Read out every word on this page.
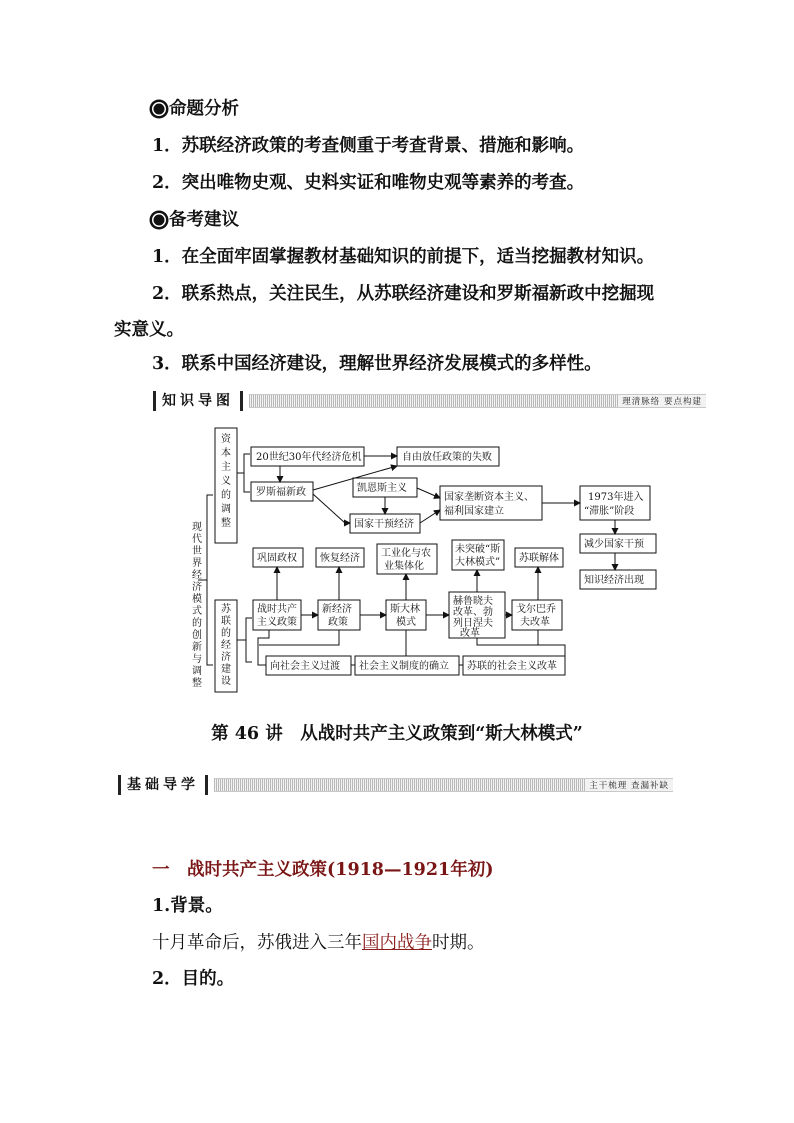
命题分析
1．苏联经济政策的考查侧重于考查背景、措施和影响。
2．突出唯物史观、史料实证和唯物史观等素养的考查。
备考建议
1．在全面牢固掌握教材基础知识的前提下，适当挖掘教材知识。
2．联系热点，关注民生，从苏联经济建设和罗斯福新政中挖掘现
实意义。
3．联系中国经济建设，理解世界经济发展模式的多样性。
知识导图	理清脉络 要点构建
现
代
世
界
经
济
模
式
的
创
新
与
调
整
资
本
主
义
的
调
整
苏
联
的
经
济
建
设
20世纪30年代经济危机	自由放任政策的失败
罗斯福新政	凯恩斯主义
国家干预经济
国家垄断资本主义、
福利国家建立
1973年进入
“滞胀”阶段
减少国家干预
知识经济出现
巩固政权 恢复经济 工业化与农
业集体化
未突破“斯
大林模式” 苏联解体
战时共产
主义政策
新经济
政策
斯大林
模式
赫鲁晓夫
改革、勃
列日涅夫
改革
戈尔巴乔
夫改革
向社会主义过渡 社会主义制度的确立 苏联的社会主义改革
第 46 讲　从战时共产主义政策到“斯大林模式”
基础导学	主干梳理 查漏补缺
一　战时共产主义政策(1918—1921年初)
1.背景。
十月革命后，苏俄进入三年国内战争时期。
2．目的。
